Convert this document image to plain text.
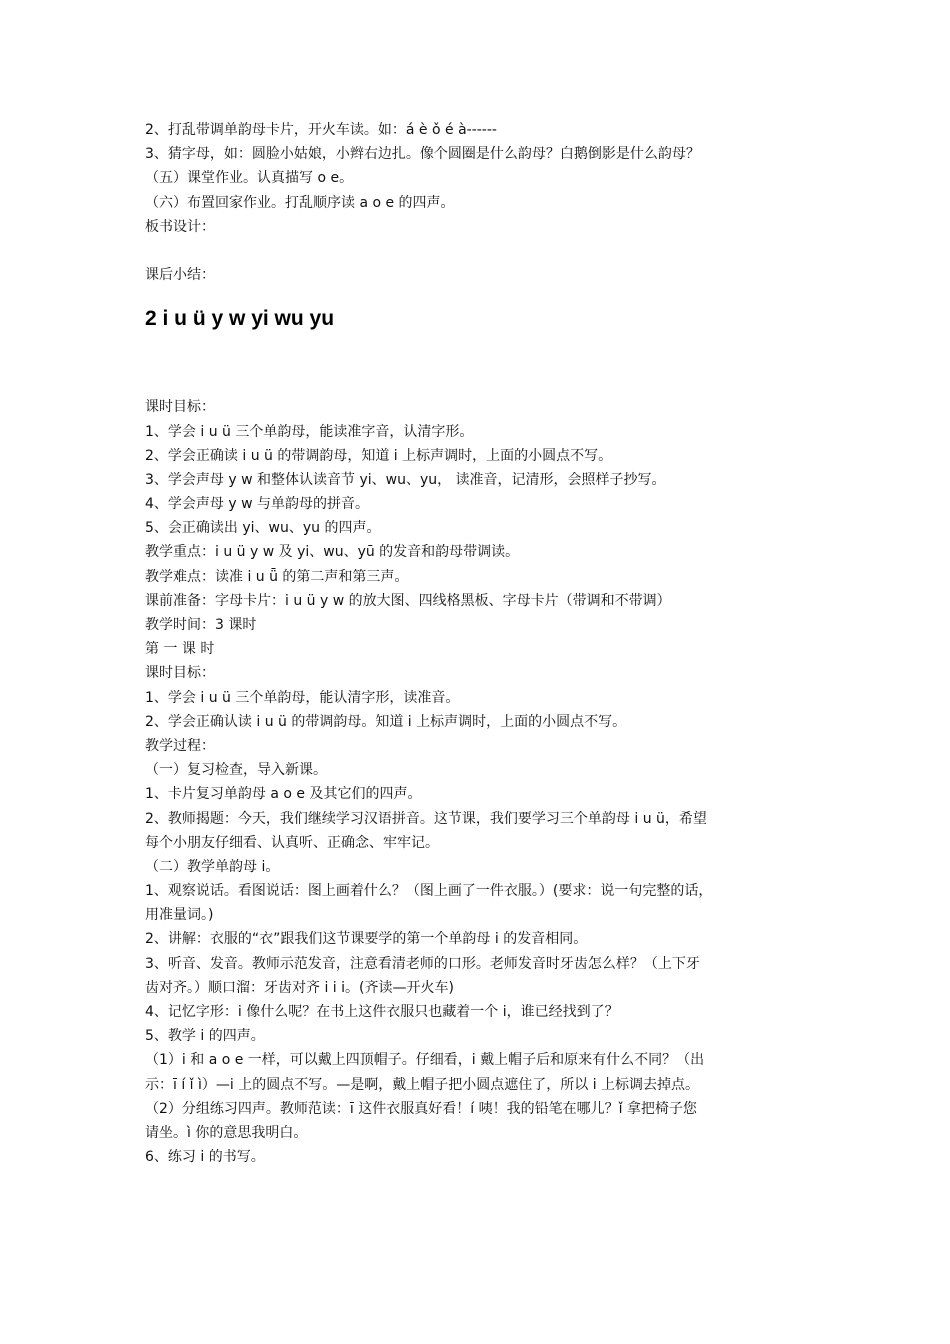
2、打乱带调单韵母卡片，开火车读。如：á è ǒ é à------
3、猜字母，如：圆脸小姑娘，小辫右边扎。像个圆圈是什么韵母？白鹅倒影是什么韵母？
（五）课堂作业。认真描写 o e。
（六）布置回家作业。打乱顺序读 a o e 的四声。
板书设计：
课后小结：
2 i u ü y w yi wu yu
课时目标：
1、学会 i u ü 三个单韵母，能读准字音，认清字形。
2、学会正确读 i u ü 的带调韵母，知道 i 上标声调时，上面的小圆点不写。
3、学会声母 y w 和整体认读音节 yi、wu、yu， 读准音，记清形，会照样子抄写。
4、学会声母 y w 与单韵母的拼音。
5、会正确读出 yi、wu、yu 的四声。
教学重点：i u ü y w 及 yi、wu、yū 的发音和韵母带调读。
教学难点：读准 i u ǖ 的第二声和第三声。
课前准备：字母卡片：i u ü y w 的放大图、四线格黑板、字母卡片（带调和不带调）
教学时间：3 课时
第 一 课 时
课时目标：
1、学会 i u ü 三个单韵母，能认清字形，读准音。
2、学会正确认读 i u ü 的带调韵母。知道 i 上标声调时，上面的小圆点不写。
教学过程：
（一）复习检查，导入新课。
1、卡片复习单韵母 a o e 及其它们的四声。
2、教师揭题：今天，我们继续学习汉语拼音。这节课，我们要学习三个单韵母 i u ü，希望
每个小朋友仔细看、认真听、正确念、牢牢记。
（二）教学单韵母 i。
1、观察说话。看图说话：图上画着什么？（图上画了一件衣服。）(要求：说一句完整的话，
用准量词。)
2、讲解：衣服的“衣”跟我们这节课要学的第一个单韵母 i 的发音相同。
3、听音、发音。教师示范发音，注意看清老师的口形。老师发音时牙齿怎么样？（上下牙
齿对齐。）顺口溜：牙齿对齐 i i i。(齐读—开火车)
4、记忆字形：i 像什么呢？在书上这件衣服只也藏着一个 i，谁已经找到了？
5、教学 i 的四声。
（1）i 和 a o e 一样，可以戴上四顶帽子。仔细看，i 戴上帽子后和原来有什么不同？（出
示：ī í ǐ ì）—i 上的圆点不写。—是啊，戴上帽子把小圆点遮住了，所以 i 上标调去掉点。
（2）分组练习四声。教师范读：ī 这件衣服真好看！í 咦！我的铅笔在哪儿？ǐ 拿把椅子您
请坐。ì 你的意思我明白。
6、练习 i 的书写。
